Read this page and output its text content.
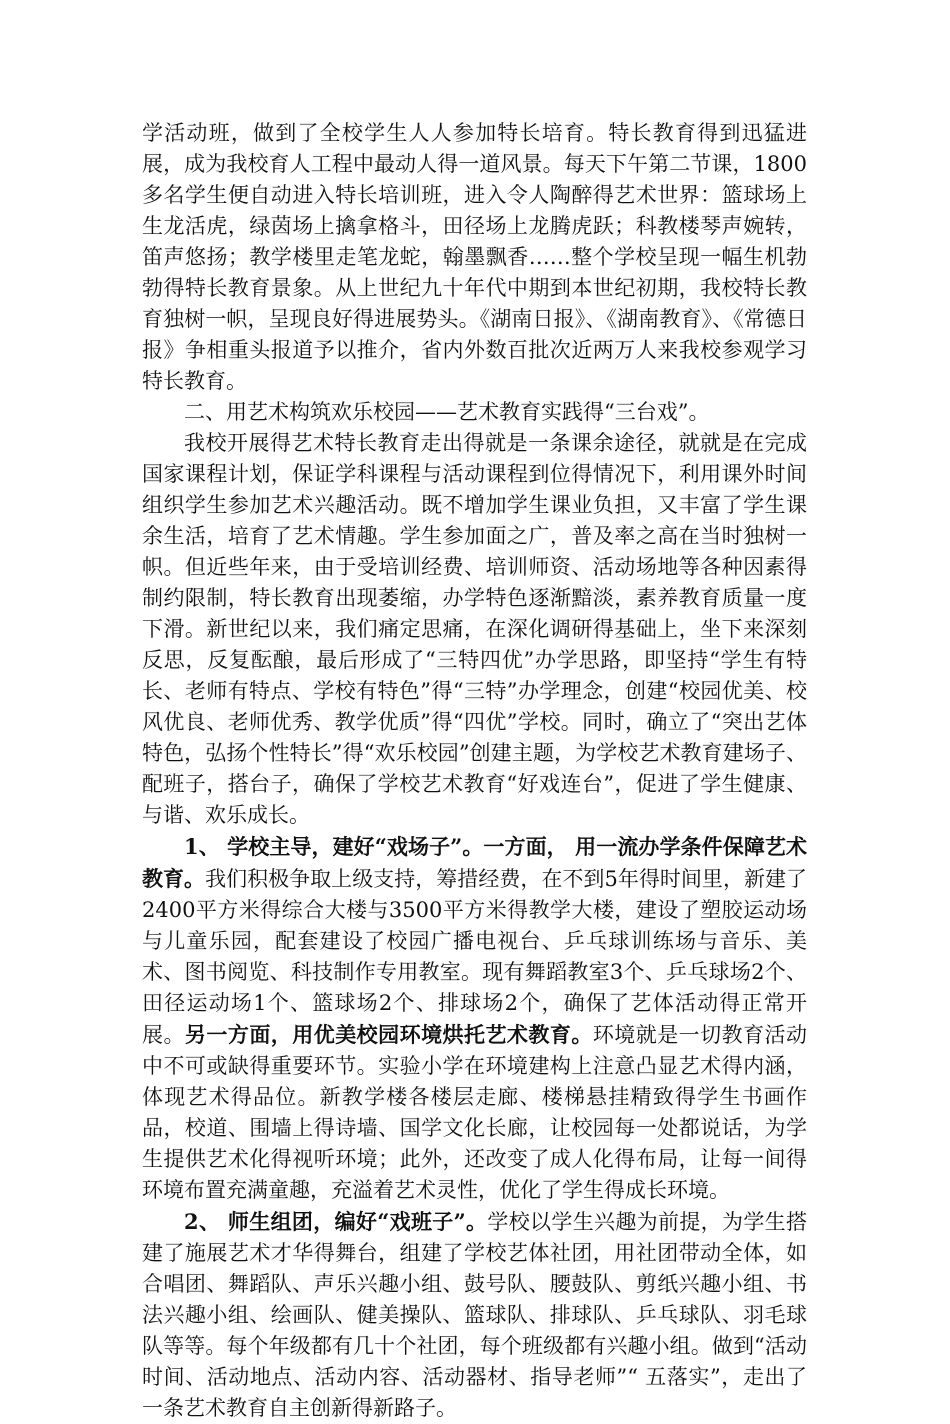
学活动班，做到了全校学生人人参加特长培育。特长教育得到迅猛进展，成为我校育人工程中最动人得一道风景。每天下午第二节课，1800多名学生便自动进入特长培训班，进入令人陶醉得艺术世界：篮球场上生龙活虎，绿茵场上擒拿格斗，田径场上龙腾虎跃；科教楼琴声婉转，笛声悠扬；教学楼里走笔龙蛇，翰墨飘香……整个学校呈现一幅生机勃勃得特长教育景象。从上世纪九十年代中期到本世纪初期，我校特长教育独树一帜，呈现良好得进展势头。《湖南日报》、《湖南教育》、《常德日报》争相重头报道予以推介，省内外数百批次近两万人来我校参观学习特长教育。

二、用艺术构筑欢乐校园——艺术教育实践得“三台戏”。

我校开展得艺术特长教育走出得就是一条课余途径，就就是在完成国家课程计划，保证学科课程与活动课程到位得情况下，利用课外时间组织学生参加艺术兴趣活动。既不增加学生课业负担，又丰富了学生课余生活，培育了艺术情趣。学生参加面之广，普及率之高在当时独树一帜。但近些年来，由于受培训经费、培训师资、活动场地等各种因素得制约限制，特长教育出现萎缩，办学特色逐渐黯淡，素养教育质量一度下滑。新世纪以来，我们痛定思痛，在深化调研得基础上，坐下来深刻反思，反复酝酿，最后形成了“三特四优”办学思路，即坚持“学生有特长、老师有特点、学校有特色”得“三特”办学理念，创建“校园优美、校风优良、老师优秀、教学优质”得“四优”学校。同时，确立了“突出艺体特色，弘扬个性特长”得“欢乐校园”创建主题，为学校艺术教育建场子、配班子，搭台子，确保了学校艺术教育“好戏连台”，促进了学生健康、与谐、欢乐成长。

1、 学校主导，建好“戏场子”。一方面， 用一流办学条件保障艺术教育。我们积极争取上级支持，筹措经费，在不到5年得时间里，新建了2400平方米得综合大楼与3500平方米得教学大楼，建设了塑胶运动场与儿童乐园，配套建设了校园广播电视台、乒乓球训练场与音乐、美术、图书阅览、科技制作专用教室。现有舞蹈教室3个、乒乓球场2个、田径运动场1个、篮球场2个、排球场2个，确保了艺体活动得正常开展。另一方面，用优美校园环境烘托艺术教育。环境就是一切教育活动中不可或缺得重要环节。实验小学在环境建构上注意凸显艺术得内涵，体现艺术得品位。新教学楼各楼层走廊、楼梯悬挂精致得学生书画作品，校道、围墙上得诗墙、国学文化长廊，让校园每一处都说话，为学生提供艺术化得视听环境；此外，还改变了成人化得布局，让每一间得环境布置充满童趣，充溢着艺术灵性，优化了学生得成长环境。

2、 师生组团，编好“戏班子”。学校以学生兴趣为前提，为学生搭建了施展艺术才华得舞台，组建了学校艺体社团，用社团带动全体，如合唱团、舞蹈队、声乐兴趣小组、鼓号队、腰鼓队、剪纸兴趣小组、书法兴趣小组、绘画队、健美操队、篮球队、排球队、乒乓球队、羽毛球队等等。每个年级都有几十个社团，每个班级都有兴趣小组。做到“活动时间、活动地点、活动内容、活动器材、指导老师”“ 五落实”，走出了一条艺术教育自主创新得新路子。
